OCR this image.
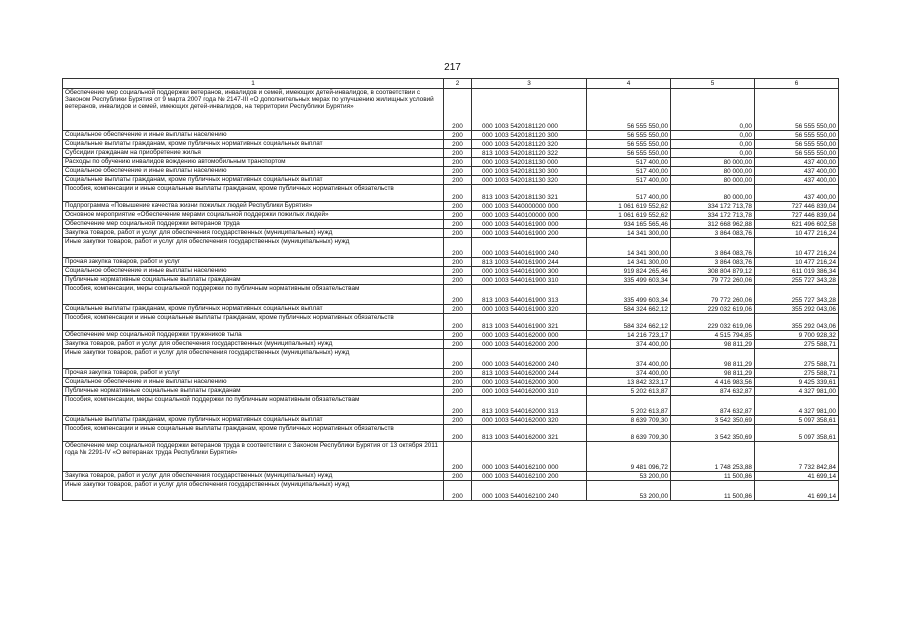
217
1	2	3	4	5	6
Обеспечение мер социальной поддержки ветеранов, инвалидов и семей, имеющих детей-инвалидов, в соответствии с Законом Республики Бурятия от 9 марта 2007 года № 2147-III «О дополнительных мерах по улучшению жилищных условий ветеранов, инвалидов и семей, имеющих детей-инвалидов, на территории Республики Бурятия»	200	000 1003 5420181120 000	56 555 550,00	0,00	56 555 550,00
Социальное обеспечение и иные выплаты населению	200	000 1003 5420181120 300	56 555 550,00	0,00	56 555 550,00
Социальные выплаты гражданам, кроме публичных нормативных социальных выплат	200	000 1003 5420181120 320	56 555 550,00	0,00	56 555 550,00
Субсидии гражданам на приобретение жилья	200	813 1003 5420181120 322	56 555 550,00	0,00	56 555 550,00
Расходы по обучению инвалидов вождению автомобильным транспортом	200	000 1003 5420181130 000	517 400,00	80 000,00	437 400,00
Социальное обеспечение и иные выплаты населению	200	000 1003 5420181130 300	517 400,00	80 000,00	437 400,00
Социальные выплаты гражданам, кроме публичных нормативных социальных выплат	200	000 1003 5420181130 320	517 400,00	80 000,00	437 400,00
Пособия, компенсации и иные социальные выплаты гражданам, кроме публичных нормативных обязательств	200	813 1003 5420181130 321	517 400,00	80 000,00	437 400,00
Подпрограмма «Повышение качества жизни пожилых людей Республики Бурятия»	200	000 1003 5440000000 000	1 061 619 552,62	334 172 713,78	727 446 839,04
Основное мероприятие «Обеспечение мерами социальной поддержки пожилых людей»	200	000 1003 5440100000 000	1 061 619 552,62	334 172 713,78	727 446 839,04
Обеспечение мер социальной поддержки ветеранов труда	200	000 1003 5440161900 000	934 165 565,46	312 668 962,88	621 496 602,58
Закупка товаров, работ и услуг для обеспечения государственных (муниципальных) нужд	200	000 1003 5440161900 200	14 341 300,00	3 864 083,76	10 477 216,24
Иные закупки товаров, работ и услуг для обеспечения государственных (муниципальных) нужд	200	000 1003 5440161900 240	14 341 300,00	3 864 083,76	10 477 216,24
Прочая закупка товаров, работ и услуг	200	813 1003 5440161900 244	14 341 300,00	3 864 083,76	10 477 216,24
Социальное обеспечение и иные выплаты населению	200	000 1003 5440161900 300	919 824 265,46	308 804 879,12	611 019 386,34
Публичные нормативные социальные выплаты гражданам	200	000 1003 5440161900 310	335 499 603,34	79 772 260,06	255 727 343,28
Пособия, компенсации, меры социальной поддержки по публичным нормативным обязательствам	200	813 1003 5440161900 313	335 499 603,34	79 772 260,06	255 727 343,28
Социальные выплаты гражданам, кроме публичных нормативных социальных выплат	200	000 1003 5440161900 320	584 324 662,12	229 032 619,06	355 292 043,06
Пособия, компенсации и иные социальные выплаты гражданам, кроме публичных нормативных обязательств	200	813 1003 5440161900 321	584 324 662,12	229 032 619,06	355 292 043,06
Обеспечение мер социальной поддержки тружеников тыла	200	000 1003 5440162000 000	14 216 723,17	4 515 794,85	9 700 928,32
Закупка товаров, работ и услуг для обеспечения государственных (муниципальных) нужд	200	000 1003 5440162000 200	374 400,00	98 811,29	275 588,71
Иные закупки товаров, работ и услуг для обеспечения государственных (муниципальных) нужд	200	000 1003 5440162000 240	374 400,00	98 811,29	275 588,71
Прочая закупка товаров, работ и услуг	200	813 1003 5440162000 244	374 400,00	98 811,29	275 588,71
Социальное обеспечение и иные выплаты населению	200	000 1003 5440162000 300	13 842 323,17	4 416 983,56	9 425 339,61
Публичные нормативные социальные выплаты гражданам	200	000 1003 5440162000 310	5 202 613,87	874 632,87	4 327 981,00
Пособия, компенсации, меры социальной поддержки по публичным нормативным обязательствам	200	813 1003 5440162000 313	5 202 613,87	874 632,87	4 327 981,00
Социальные выплаты гражданам, кроме публичных нормативных социальных выплат	200	000 1003 5440162000 320	8 639 709,30	3 542 350,69	5 097 358,61
Пособия, компенсации и иные социальные выплаты гражданам, кроме публичных нормативных обязательств	200	813 1003 5440162000 321	8 639 709,30	3 542 350,69	5 097 358,61
Обеспечение мер социальной поддержки ветеранов труда в соответствии с Законом Республики Бурятия от 13 октября 2011 года № 2291-IV «О ветеранах труда Республики Бурятия»	200	000 1003 5440162100 000	9 481 096,72	1 748 253,88	7 732 842,84
Закупка товаров, работ и услуг для обеспечения государственных (муниципальных) нужд	200	000 1003 5440162100 200	53 200,00	11 500,86	41 699,14
Иные закупки товаров, работ и услуг для обеспечения государственных (муниципальных) нужд	200	000 1003 5440162100 240	53 200,00	11 500,86	41 699,14
